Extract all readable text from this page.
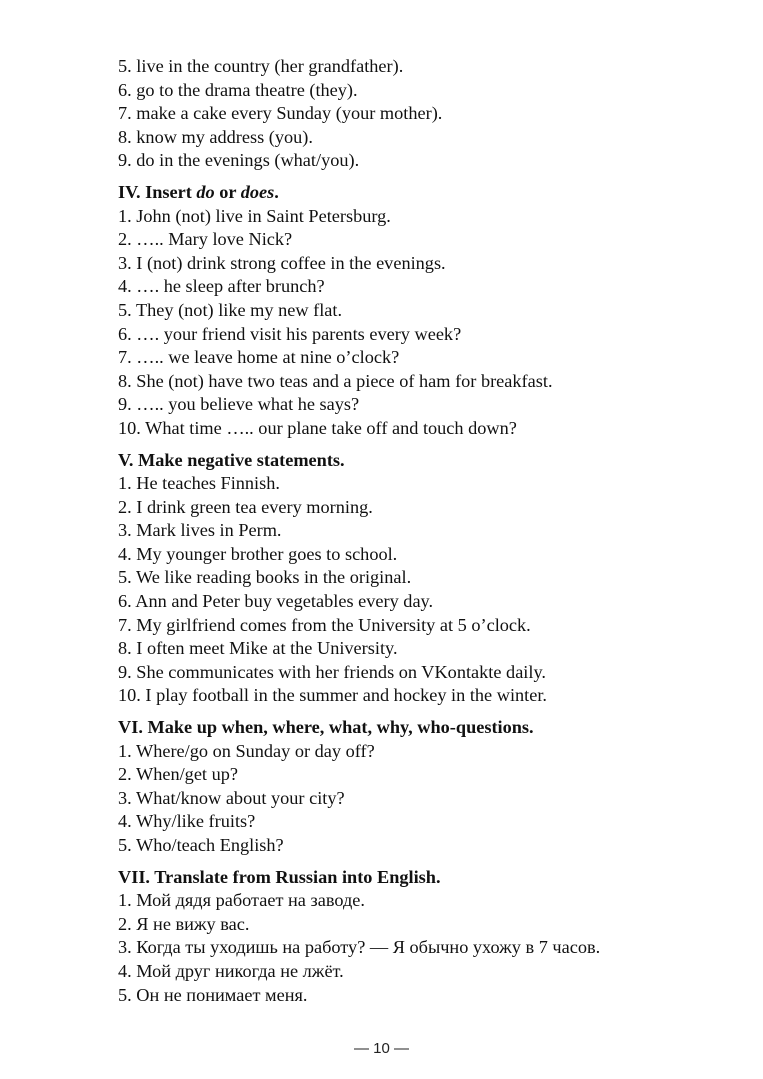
5. live in the country (her grandfather).
6. go to the drama theatre (they).
7. make a cake every Sunday (your mother).
8. know my address (you).
9. do in the evenings (what/you).
IV. Insert do or does.
1. John (not) live in Saint Petersburg.
2. ….. Mary love Nick?
3. I (not) drink strong coffee in the evenings.
4. …. he sleep after brunch?
5. They (not) like my new flat.
6. …. your friend visit his parents every week?
7. ….. we leave home at nine o’clock?
8. She (not) have two teas and a piece of ham for breakfast.
9. ….. you believe what he says?
10. What time ….. our plane take off and touch down?
V. Make negative statements.
1. He teaches Finnish.
2. I drink green tea every morning.
3. Mark lives in Perm.
4. My younger brother goes to school.
5. We like reading books in the original.
6. Ann and Peter buy vegetables every day.
7. My girlfriend comes from the University at 5 o’clock.
8. I often meet Mike at the University.
9. She communicates with her friends on VKontakte daily.
10. I play football in the summer and hockey in the winter.
VI. Make up when, where, what, why, who-questions.
1. Where/go on Sunday or day off?
2. When/get up?
3. What/know about your city?
4. Why/like fruits?
5. Who/teach English?
VII. Translate from Russian into English.
1. Мой дядя работает на заводе.
2. Я не вижу вас.
3. Когда ты уходишь на работу? — Я обычно ухожу в 7 часов.
4. Мой друг никогда не лжёт.
5. Он не понимает меня.
— 10 —
